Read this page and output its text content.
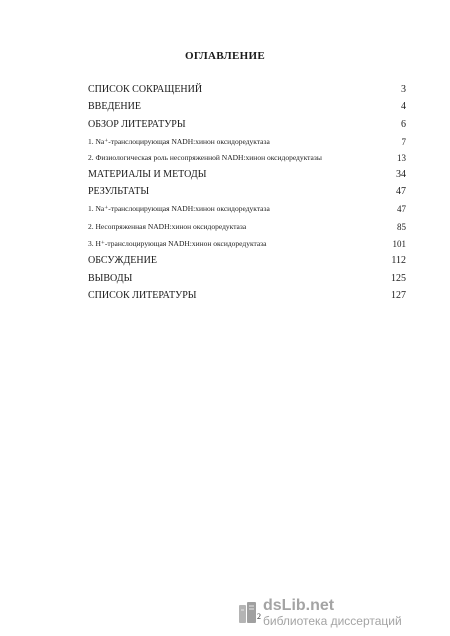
ОГЛАВЛЕНИЕ
СПИСОК СОКРАЩЕНИЙ	3
ВВЕДЕНИЕ	4
ОБЗОР ЛИТЕРАТУРЫ	6
1. Na⁺-транслоцирующая NADH:хинон оксидоредуктаза	7
2. Физиологическая роль несопряженной NADH:хинон оксидоредуктазы	13
МАТЕРИАЛЫ И МЕТОДЫ	34
РЕЗУЛЬТАТЫ	47
1. Na⁺-транслоцирующая NADH:хинон оксидоредуктаза	47
2. Несопряженная NADH:хинон оксидоредуктаза	85
3. H⁺-транслоцирующая NADH:хинон оксидоредуктаза	101
ОБСУЖДЕНИЕ	112
ВЫВОДЫ	125
СПИСОК ЛИТЕРАТУРЫ	127
2
dsLib.net
библиотека диссертаций
